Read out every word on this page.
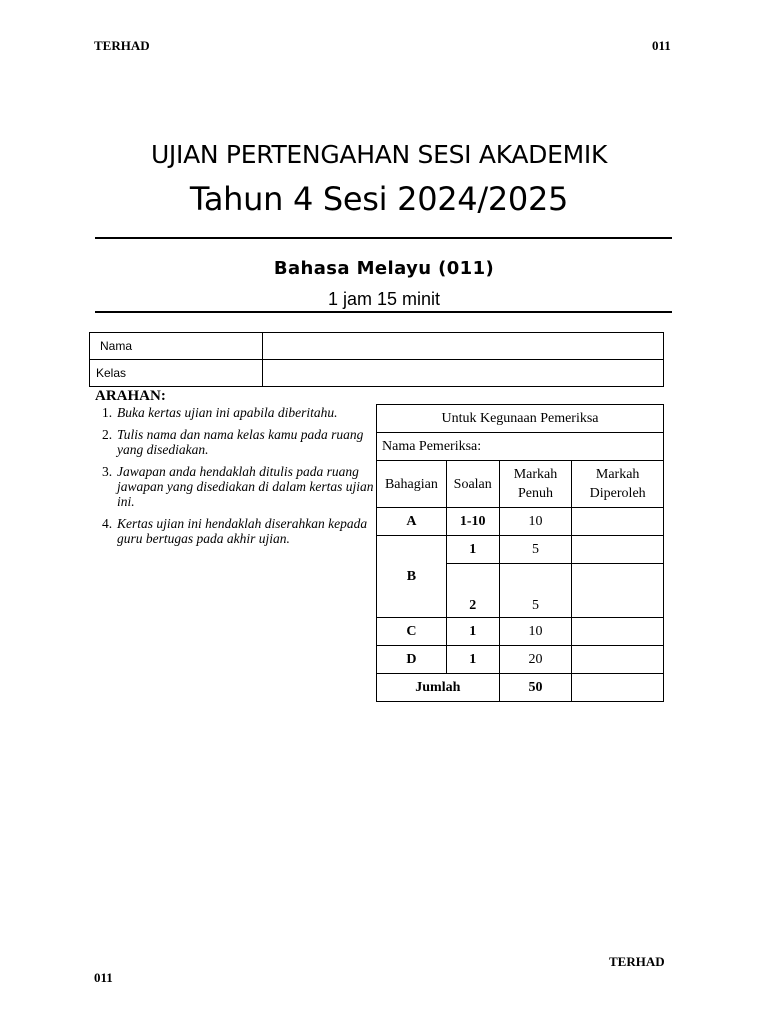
TERHAD	011
UJIAN PERTENGAHAN SESI AKADEMIK
Tahun 4 Sesi 2024/2025
Bahasa Melayu (011)
1 jam 15 minit
Nama	
Kelas	
ARAHAN:
1. Buka kertas ujian ini apabila diberitahu.
2. Tulis nama dan nama kelas kamu pada ruang yang disediakan.
3. Jawapan anda hendaklah ditulis pada ruang jawapan yang disediakan di dalam kertas ujian ini.
4. Kertas ujian ini hendaklah diserahkan kepada guru bertugas pada akhir ujian.
Untuk Kegunaan Pemeriksa			
Nama Pemeriksa:			
Bahagian	Soalan	Markah Penuh	Markah Diperoleh
A	1-10	10	
B	1	5	
	2	5	

C	1	10	
D	1	20	
Jumlah		50	
TERHAD
011
